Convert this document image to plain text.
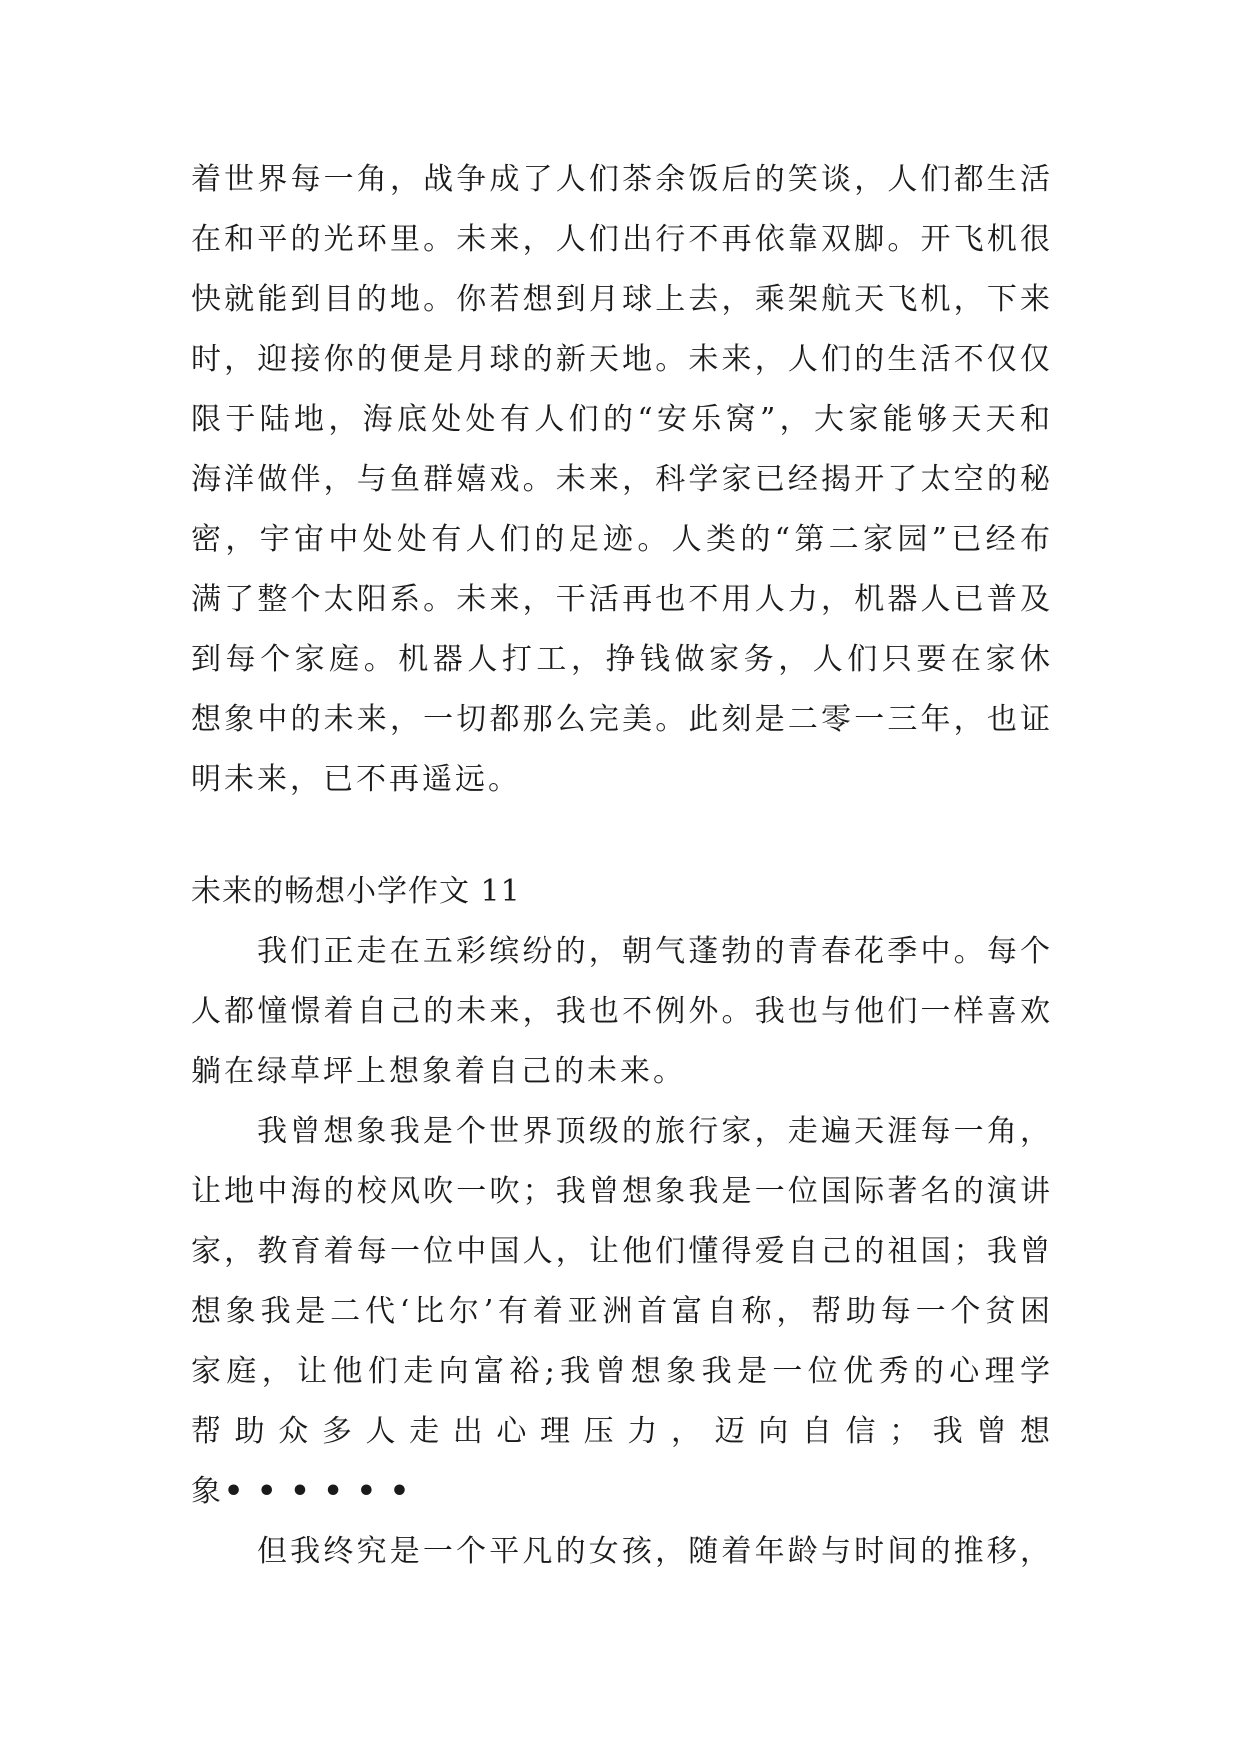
着世界每一角，战争成了人们茶余饭后的笑谈，人们都生活
在和平的光环里。未来，人们出行不再依靠双脚。开飞机很
快就能到目的地。你若想到月球上去，乘架航天飞机，下来
时，迎接你的便是月球的新天地。未来，人们的生活不仅仅
限于陆地，海底处处有人们的“安乐窝”，大家能够天天和
海洋做伴，与鱼群嬉戏。未来，科学家已经揭开了太空的秘
密，宇宙中处处有人们的足迹。人类的“第二家园”已经布
满了整个太阳系。未来，干活再也不用人力，机器人已普及
到每个家庭。机器人打工，挣钱做家务，人们只要在家休
想象中的未来，一切都那么完美。此刻是二零一三年，也证
明未来，已不再遥远。
未来的畅想小学作文 11
我们正走在五彩缤纷的，朝气蓬勃的青春花季中。每个
人都憧憬着自己的未来，我也不例外。我也与他们一样喜欢
躺在绿草坪上想象着自己的未来。
我曾想象我是个世界顶级的旅行家，走遍天涯每一角，
让地中海的校风吹一吹；我曾想象我是一位国际著名的演讲
家，教育着每一位中国人，让他们懂得爱自己的祖国；我曾
想象我是二代‘比尔’有着亚洲首富自称，帮助每一个贫困
家庭，让他们走向富裕;我曾想象我是一位优秀的心理学
帮助众多人走出心理压力，迈向自信；我曾想
象••••••
但我终究是一个平凡的女孩，随着年龄与时间的推移，
